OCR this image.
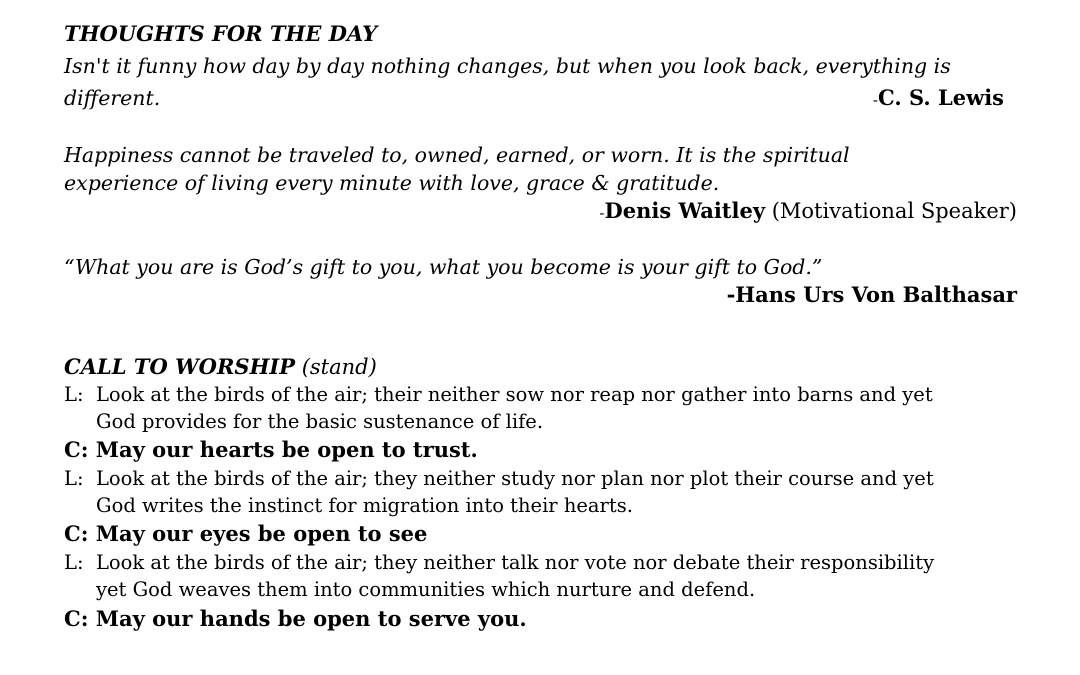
THOUGHTS FOR THE DAY
Isn't it funny how day by day nothing changes, but when you look back, everything is
different.	-C. S. Lewis
Happiness cannot be traveled to, owned, earned, or worn. It is the spiritual
experience of living every minute with love, grace & gratitude.
-Denis Waitley (Motivational Speaker)
“What you are is God’s gift to you, what you become is your gift to God.”
-Hans Urs Von Balthasar
CALL TO WORSHIP (stand)
L: Look at the birds of the air; their neither sow nor reap nor gather into barns and yet
God provides for the basic sustenance of life.
C: May our hearts be open to trust.
L: Look at the birds of the air; they neither study nor plan nor plot their course and yet
God writes the instinct for migration into their hearts.
C: May our eyes be open to see
L: Look at the birds of the air; they neither talk nor vote nor debate their responsibility
yet God weaves them into communities which nurture and defend.
C: May our hands be open to serve you.
